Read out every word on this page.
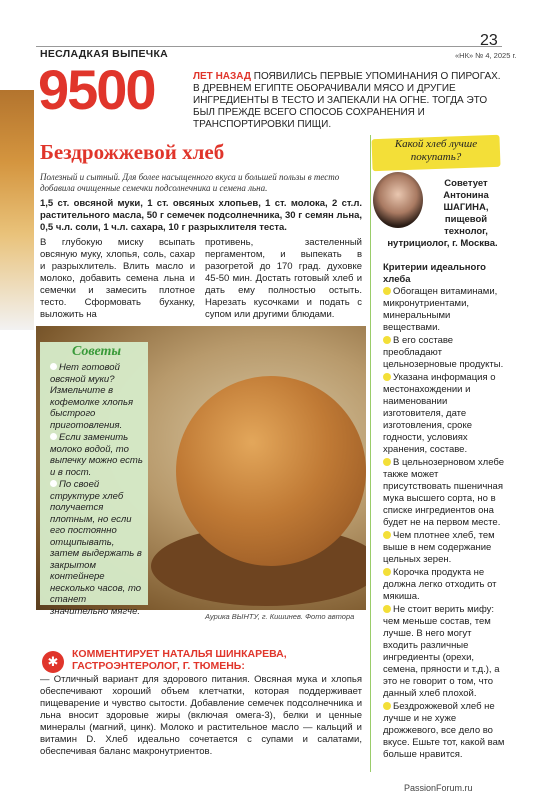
НЕСЛАДКАЯ ВЫПЕЧКА
23
«НК» № 4, 2025 г.
9500	ЛЕТ НАЗАД ПОЯВИЛИСЬ ПЕРВЫЕ УПОМИНАНИЯ О ПИРОГАХ. В ДРЕВНЕМ ЕГИПТЕ ОБОРАЧИВАЛИ МЯСО И ДРУГИЕ ИНГРЕДИЕНТЫ В ТЕСТО И ЗАПЕКАЛИ НА ОГНЕ. ТОГДА ЭТО БЫЛ ПРЕЖДЕ ВСЕГО СПОСОБ СОХРАНЕНИЯ И ТРАНСПОРТИРОВКИ ПИЩИ.
Бездрожжевой хлеб
Полезный и сытный. Для более насыщенного вкуса и большей пользы в тесто добавила очищенные семечки подсолнечника и семена льна.
1,5 ст. овсяной муки, 1 ст. овсяных хлопьев, 1 ст. молока, 2 ст.л. растительного масла, 50 г семечек подсолнечника, 30 г семян льна, 0,5 ч.л. соли, 1 ч.л. сахара, 10 г разрыхлителя теста.
В глубокую миску всыпать овсяную муку, хлопья, соль, сахар и разрыхлитель. Влить масло и молоко, добавить семена льна и семечки и замесить плотное тесто. Сформовать буханку, выложить на
противень, застеленный пергаментом, и выпекать в разогретой до 170 град. духовке 45-50 мин. Достать готовый хлеб и дать ему полностью остыть. Нарезать кусочками и подать с супом или другими блюдами.
Советы

Нет готовой овсяной муки? Измельчите в кофемолке хлопья быстрого приготовления.

Если заменить молоко водой, то выпечку можно есть и в пост.

По своей структуре хлеб получается плотным, но если его постоянно отщипывать, затем выдержать в закрытом контейнере несколько часов, то станет значительно мягче.	Аурика ВЫНТУ, г. Кишинев. Фото автора
✱	КОММЕНТИРУЕТ НАТАЛЬЯ ШИНКАРЕВА, ГАСТРОЭНТЕРОЛОГ, Г. ТЮМЕНЬ:
— Отличный вариант для здорового питания. Овсяная мука и хлопья обеспечивают хороший объем клетчатки, которая поддерживает пищеварение и чувство сытости. Добавление семечек подсолнечника и льна вносит здоровые жиры (включая омега-3), белки и ценные минералы (магний, цинк). Молоко и растительное масло — кальций и витамин D. Хлеб идеально сочетается с супами и салатами, обеспечивая баланс макронутриентов.
Какой хлеб лучше покупать?
Советует Антонина ШАГИНА, пищевой технолог,
нутрициолог, г. Москва.
Критерии идеального хлеба

Обогащен витаминами, микронутриентами, минеральными веществами.

В его составе преобладают цельнозерновые продукты.

Указана информация о местонахождении и наименовании изготовителя, дате изготовления, сроке годности, условиях хранения, составе.

В цельнозерновом хлебе также может присутствовать пшеничная мука высшего сорта, но в списке ингредиентов она будет не на первом месте.

Чем плотнее хлеб, тем выше в нем содержание цельных зерен.

Корочка продукта не должна легко отходить от мякиша.

Не стоит верить мифу: чем меньше состав, тем лучше. В него могут входить различные ингредиенты (орехи, семена, пряности и т.д.), а это не говорит о том, что данный хлеб плохой.

Бездрожжевой хлеб не лучше и не хуже дрожжевого, все дело во вкусе. Ешьте тот, какой вам больше нравится.

PassionForum.ru
